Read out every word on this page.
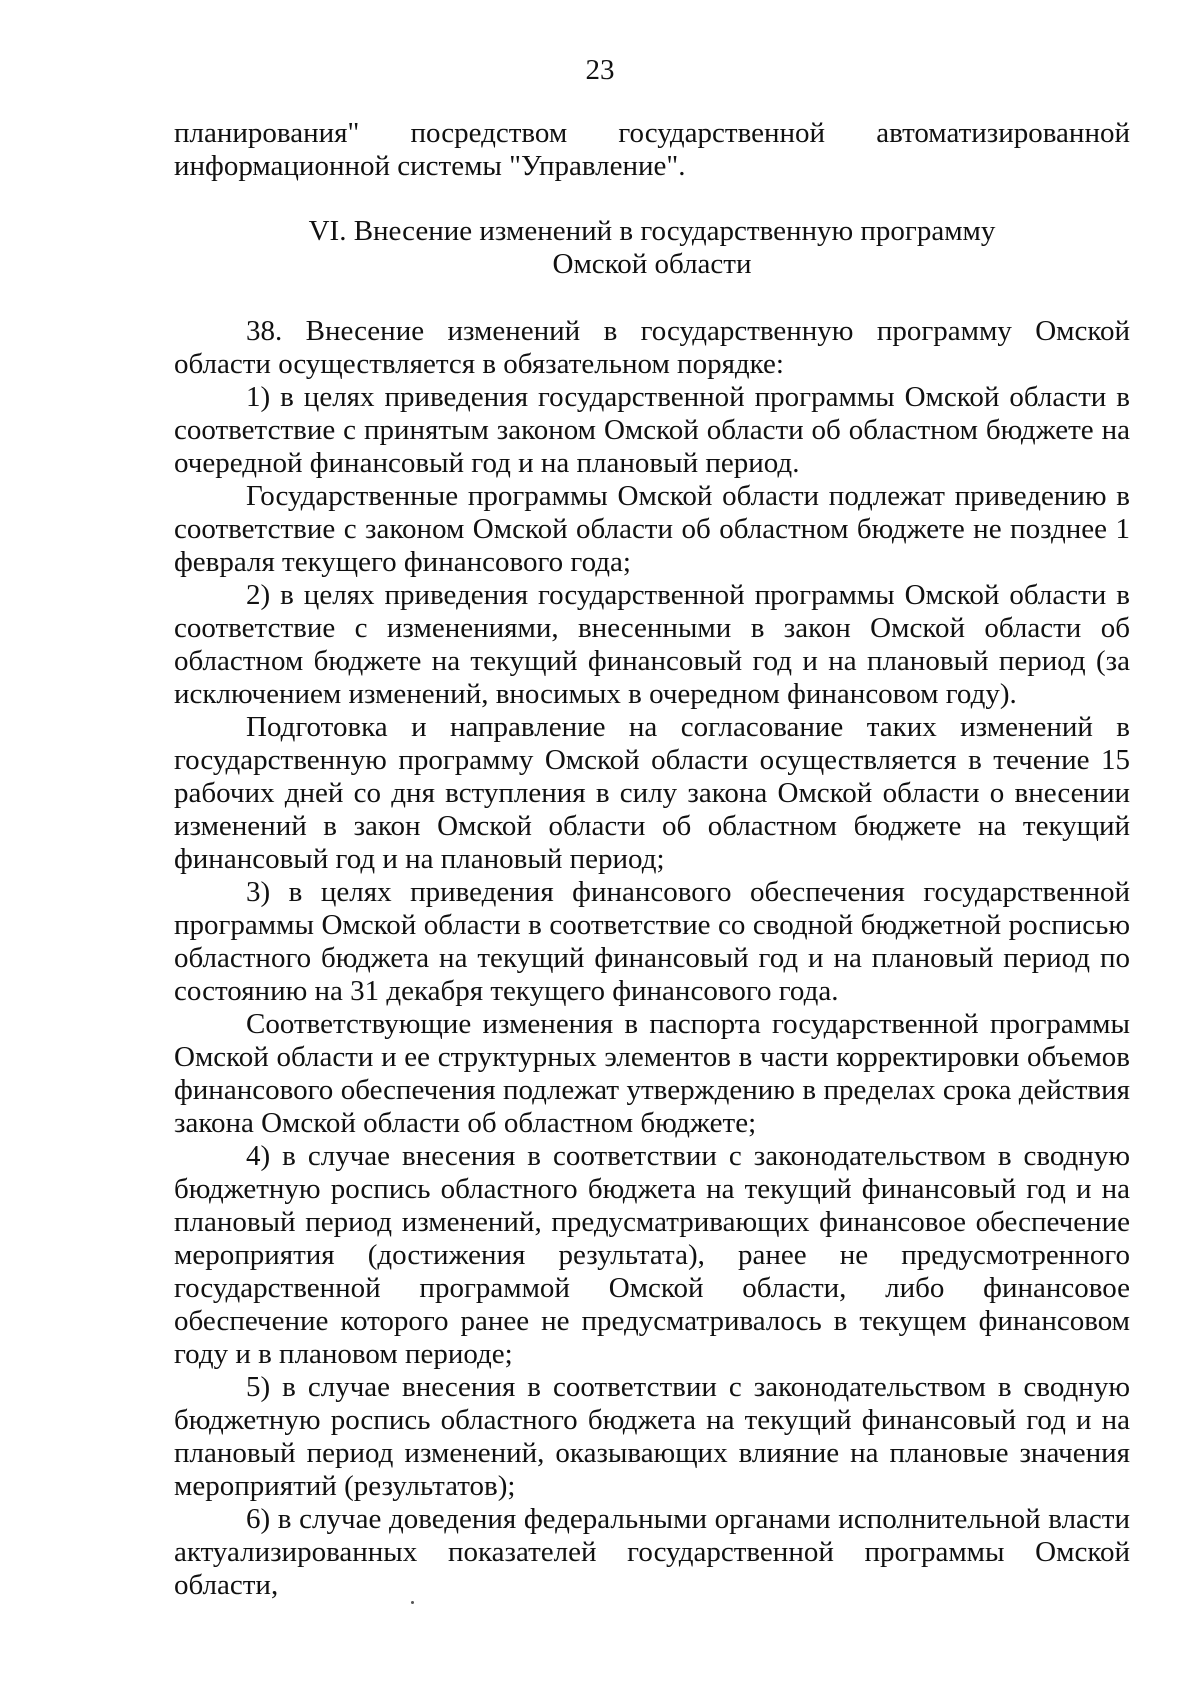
23

планирования" посредством государственной автоматизированной

информационной системы "Управление".

VI. Внесение изменений в государственную программу
Омской области

38. Внесение изменений в государственную программу Омской области осуществляется в обязательном порядке:

1) в целях приведения государственной программы Омской области в соответствие с принятым законом Омской области об областном бюджете на очередной финансовый год и на плановый период.

Государственные программы Омской области подлежат приведению в соответствие с законом Омской области об областном бюджете не позднее 1 февраля текущего финансового года;

2) в целях приведения государственной программы Омской области в соответствие с изменениями, внесенными в закон Омской области об областном бюджете на текущий финансовый год и на плановый период (за исключением изменений, вносимых в очередном финансовом году).

Подготовка и направление на согласование таких изменений в государственную программу Омской области осуществляется в течение 15 рабочих дней со дня вступления в силу закона Омской области о внесении изменений в закон Омской области об областном бюджете на текущий финансовый год и на плановый период;

3) в целях приведения финансового обеспечения государственной программы Омской области в соответствие со сводной бюджетной росписью областного бюджета на текущий финансовый год и на плановый период по состоянию на 31 декабря текущего финансового года.

Соответствующие изменения в паспорта государственной программы Омской области и ее структурных элементов в части корректировки объемов финансового обеспечения подлежат утверждению в пределах срока действия закона Омской области об областном бюджете;

4) в случае внесения в соответствии с законодательством в сводную бюджетную роспись областного бюджета на текущий финансовый год и на плановый период изменений, предусматривающих финансовое обеспечение мероприятия (достижения результата), ранее не предусмотренного государственной программой Омской области, либо финансовое обеспечение которого ранее не предусматривалось в текущем финансовом году и в плановом периоде;

5) в случае внесения в соответствии с законодательством в сводную бюджетную роспись областного бюджета на текущий финансовый год и на плановый период изменений, оказывающих влияние на плановые значения мероприятий (результатов);

6) в случае доведения федеральными органами исполнительной власти актуализированных показателей государственной программы Омской области,
